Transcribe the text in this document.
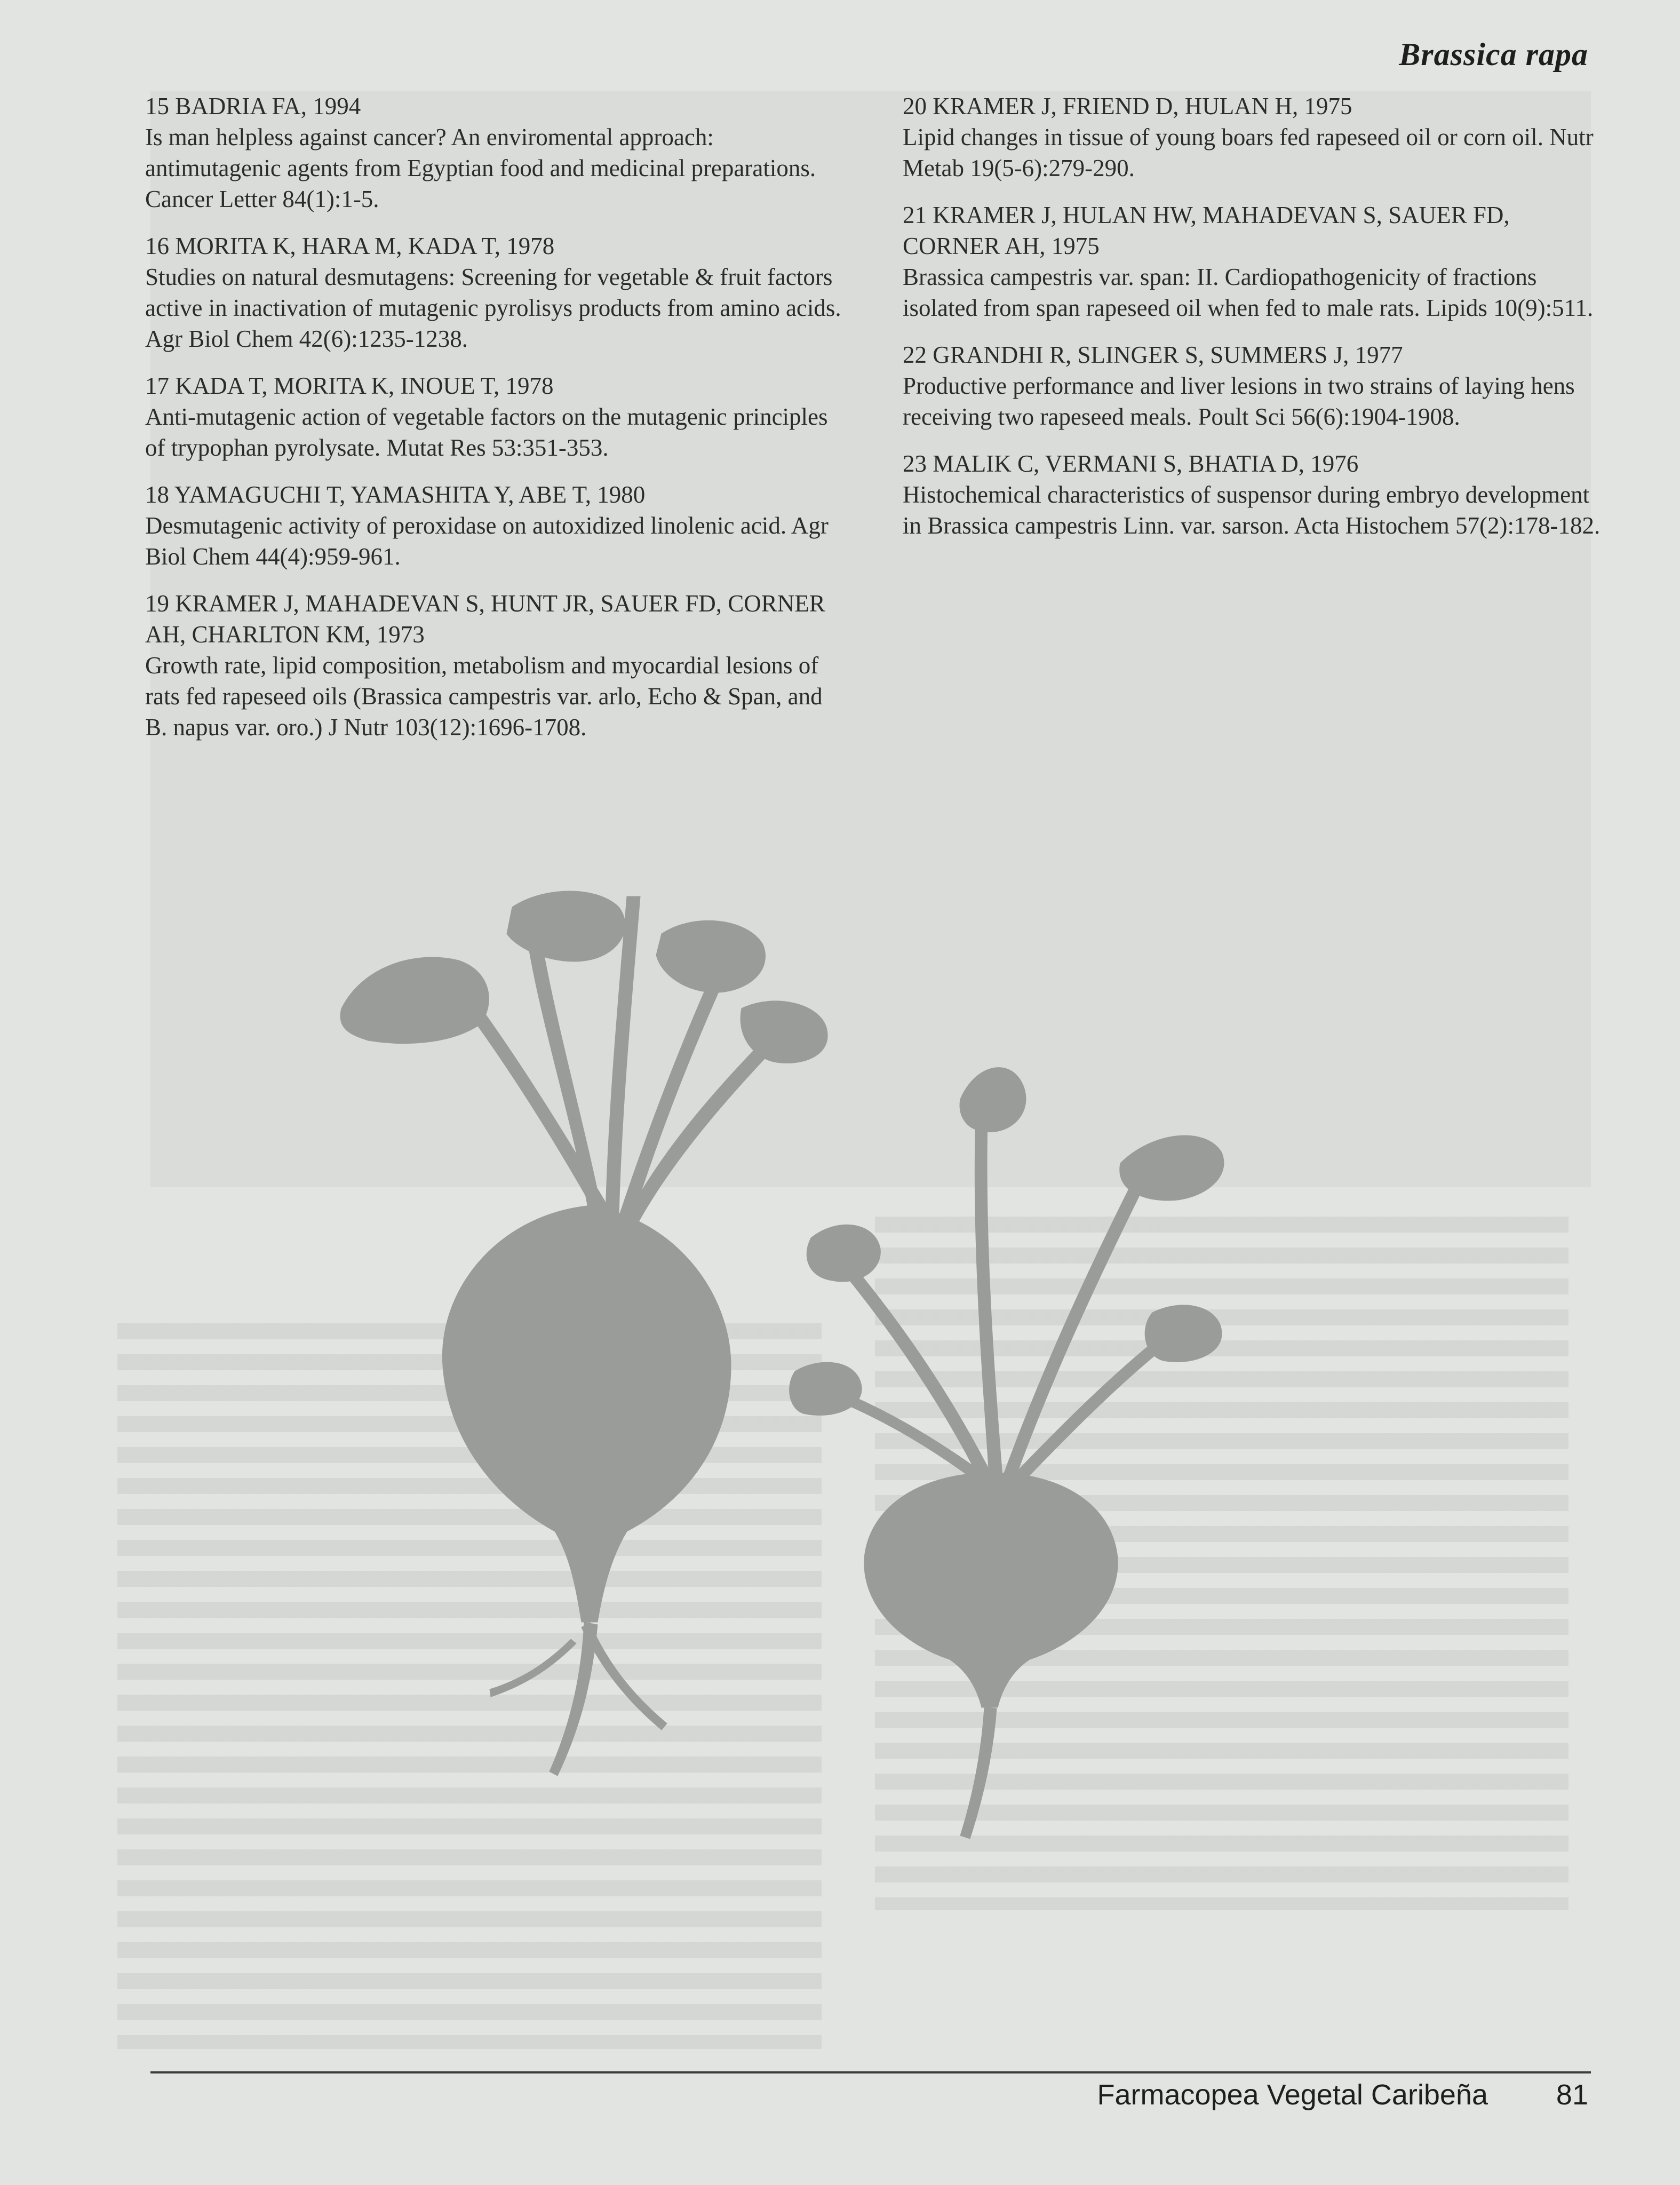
Brassica rapa
15 BADRIA FA, 1994
Is man helpless against cancer? An enviromental approach: antimutagenic agents from Egyptian food and medicinal preparations. Cancer Letter 84(1):1-5.
16 MORITA K, HARA M, KADA T, 1978
Studies on natural desmutagens: Screening for vegetable & fruit factors active in inactivation of mutagenic pyrolisys products from amino acids. Agr Biol Chem 42(6):1235-1238.
17 KADA T, MORITA K, INOUE T, 1978
Anti-mutagenic action of vegetable factors on the mutagenic principles of trypophan pyrolysate. Mutat Res 53:351-353.
18 YAMAGUCHI T, YAMASHITA Y, ABE T, 1980
Desmutagenic activity of peroxidase on autoxidized linolenic acid. Agr Biol Chem 44(4):959-961.
19 KRAMER J, MAHADEVAN S, HUNT JR, SAUER FD, CORNER AH, CHARLTON KM, 1973
Growth rate, lipid composition, metabolism and myocardial lesions of rats fed rapeseed oils (Brassica campestris var. arlo, Echo & Span, and B. napus var. oro.) J Nutr 103(12):1696-1708.
20 KRAMER J, FRIEND D, HULAN H, 1975
Lipid changes in tissue of young boars fed rapeseed oil or corn oil. Nutr Metab 19(5-6):279-290.
21 KRAMER J, HULAN HW, MAHADEVAN S, SAUER FD, CORNER AH, 1975
Brassica campestris var. span: II. Cardiopathogenicity of fractions isolated from span rapeseed oil when fed to male rats. Lipids 10(9):511.
22 GRANDHI R, SLINGER S, SUMMERS J, 1977
Productive performance and liver lesions in two strains of laying hens receiving two rapeseed meals. Poult Sci 56(6):1904-1908.
23 MALIK C, VERMANI S, BHATIA D, 1976
Histochemical characteristics of suspensor during embryo development in Brassica campestris Linn. var. sarson. Acta Histochem 57(2):178-182.
Farmacopea Vegetal Caribeña 81
